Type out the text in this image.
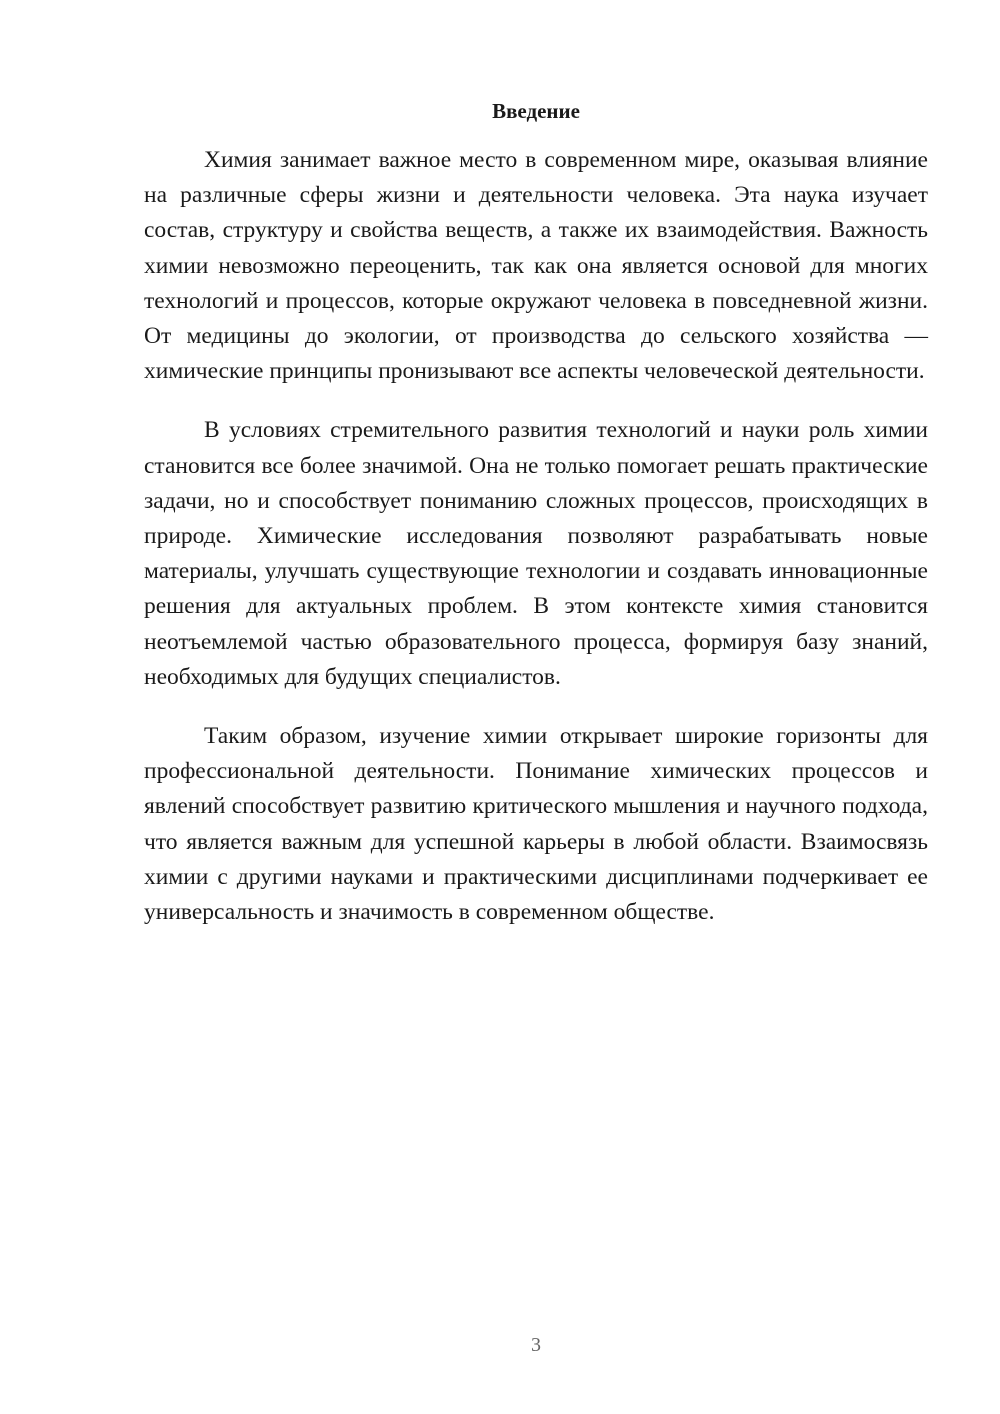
Введение

Химия занимает важное место в современном мире, оказывая влияние на различные сферы жизни и деятельности человека. Эта наука изучает состав, структуру и свойства веществ, а также их взаимодействия. Важность химии невозможно переоценить, так как она является основой для многих технологий и процессов, которые окружают человека в повседневной жизни. От медицины до экологии, от производства до сельского хозяйства — химические принципы пронизывают все аспекты человеческой деятельности.

В условиях стремительного развития технологий и науки роль химии становится все более значимой. Она не только помогает решать практические задачи, но и способствует пониманию сложных процессов, происходящих в природе. Химические исследования позволяют разрабатывать новые материалы, улучшать существующие технологии и создавать инновационные решения для актуальных проблем. В этом контексте химия становится неотъемлемой частью образовательного процесса, формируя базу знаний, необходимых для будущих специалистов.

Таким образом, изучение химии открывает широкие горизонты для профессиональной деятельности. Понимание химических процессов и явлений способствует развитию критического мышления и научного подхода, что является важным для успешной карьеры в любой области. Взаимосвязь химии с другими науками и практическими дисциплинами подчеркивает ее универсальность и значимость в современном обществе.

3
